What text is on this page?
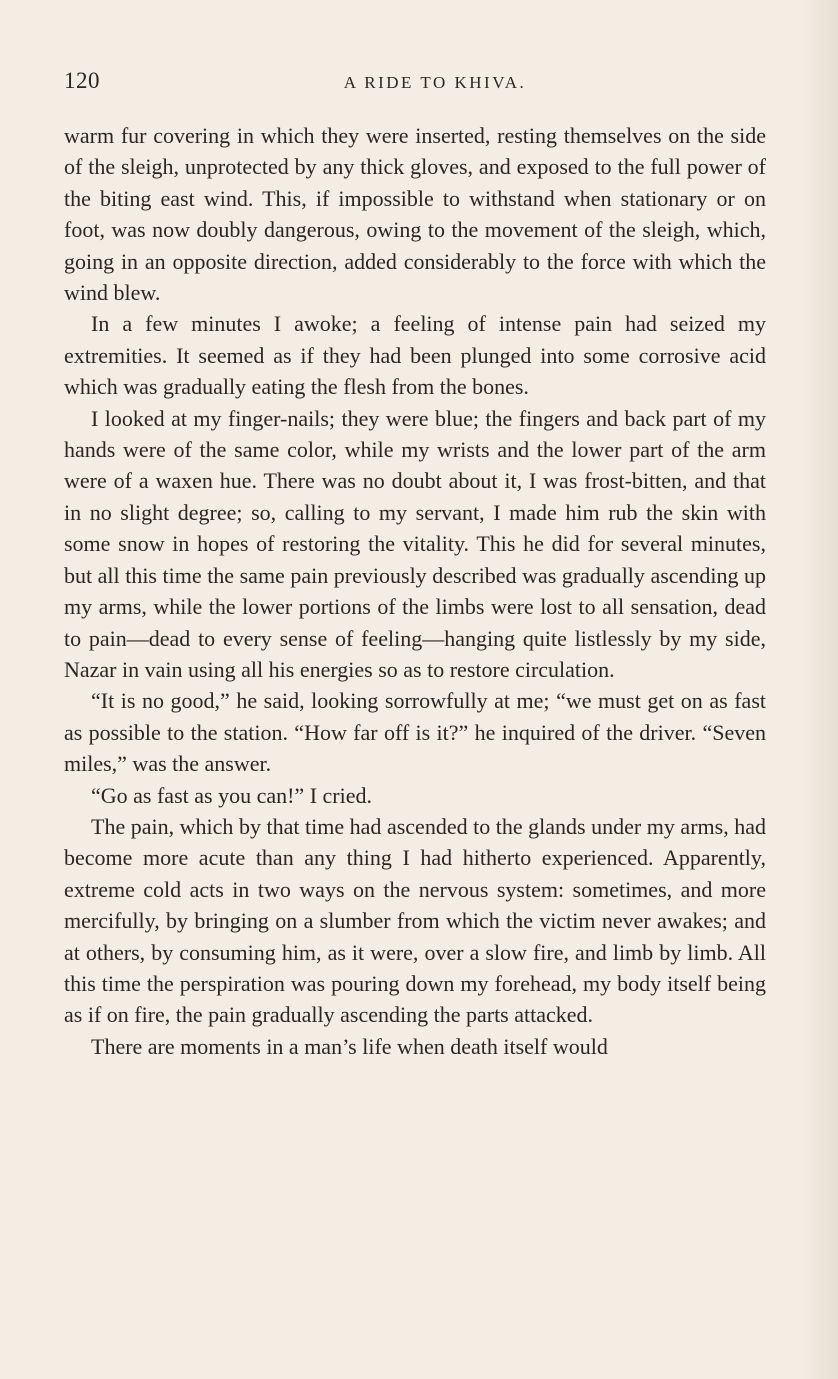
120	A RIDE TO KHIVA.

warm fur covering in which they were inserted, resting themselves on the side of the sleigh, unprotected by any thick gloves, and exposed to the full power of the biting east wind. This, if impossible to withstand when stationary or on foot, was now doubly dangerous, owing to the movement of the sleigh, which, going in an opposite direction, added considerably to the force with which the wind blew.

In a few minutes I awoke; a feeling of intense pain had seized my extremities. It seemed as if they had been plunged into some corrosive acid which was gradually eating the flesh from the bones.

I looked at my finger-nails; they were blue; the fingers and back part of my hands were of the same color, while my wrists and the lower part of the arm were of a waxen hue. There was no doubt about it, I was frost-bitten, and that in no slight degree; so, calling to my servant, I made him rub the skin with some snow in hopes of restoring the vitality. This he did for several minutes, but all this time the same pain previously described was gradually ascending up my arms, while the lower portions of the limbs were lost to all sensation, dead to pain—dead to every sense of feeling—hanging quite listlessly by my side, Nazar in vain using all his energies so as to restore circulation.

“It is no good,” he said, looking sorrowfully at me; “we must get on as fast as possible to the station. “How far off is it?” he inquired of the driver. “Seven miles,” was the answer.

“Go as fast as you can!” I cried.

The pain, which by that time had ascended to the glands under my arms, had become more acute than any thing I had hitherto experienced. Apparently, extreme cold acts in two ways on the nervous system: sometimes, and more mercifully, by bringing on a slumber from which the victim never awakes; and at others, by consuming him, as it were, over a slow fire, and limb by limb. All this time the perspiration was pouring down my forehead, my body itself being as if on fire, the pain gradually ascending the parts attacked.

There are moments in a man’s life when death itself would
